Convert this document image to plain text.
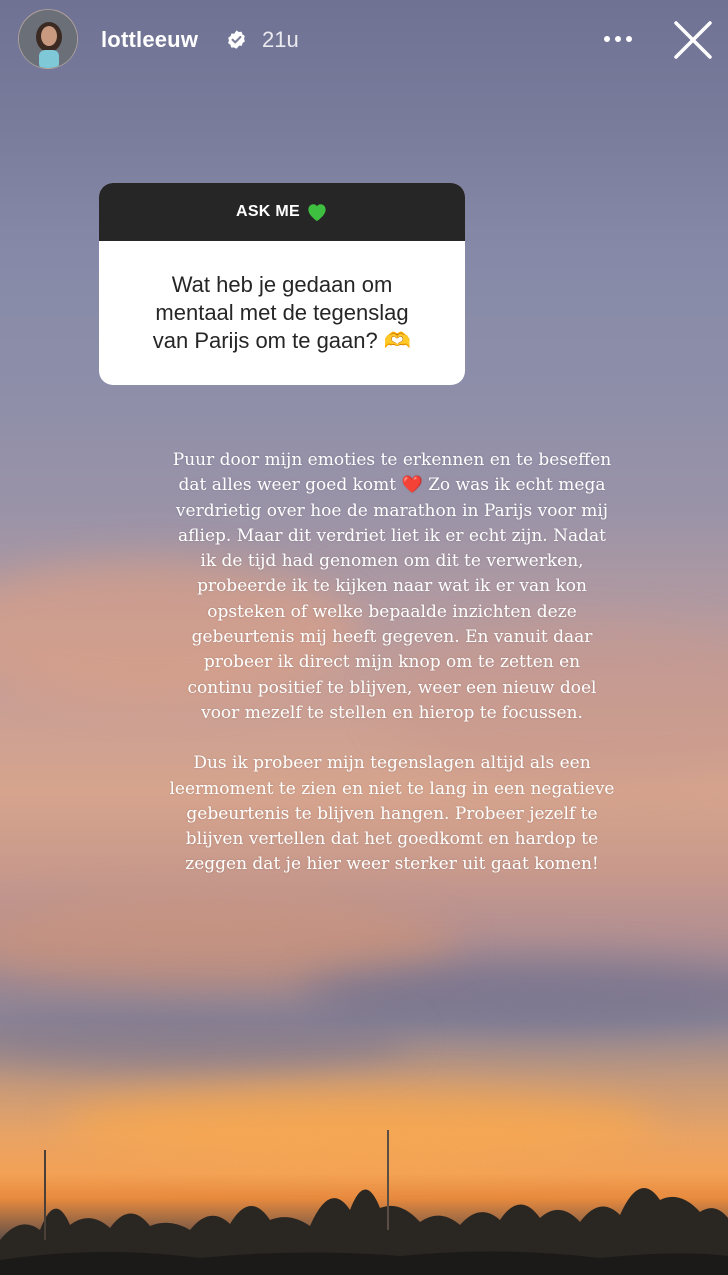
lottleeuw	21u
ASK ME
Wat heb je gedaan om
mentaal met de tegenslag
van Parijs om te gaan? 🫶

Puur door mijn emoties te erkennen en te beseffen
dat alles weer goed komt ❤️ Zo was ik echt mega
verdrietig over hoe de marathon in Parijs voor mij
afliep. Maar dit verdriet liet ik er echt zijn. Nadat
ik de tijd had genomen om dit te verwerken,
probeerde ik te kijken naar wat ik er van kon
opsteken of welke bepaalde inzichten deze
gebeurtenis mij heeft gegeven. En vanuit daar
probeer ik direct mijn knop om te zetten en
continu positief te blijven, weer een nieuw doel
voor mezelf te stellen en hierop te focussen.

Dus ik probeer mijn tegenslagen altijd als een
leermoment te zien en niet te lang in een negatieve
gebeurtenis te blijven hangen. Probeer jezelf te
blijven vertellen dat het goedkomt en hardop te
zeggen dat je hier weer sterker uit gaat komen!
